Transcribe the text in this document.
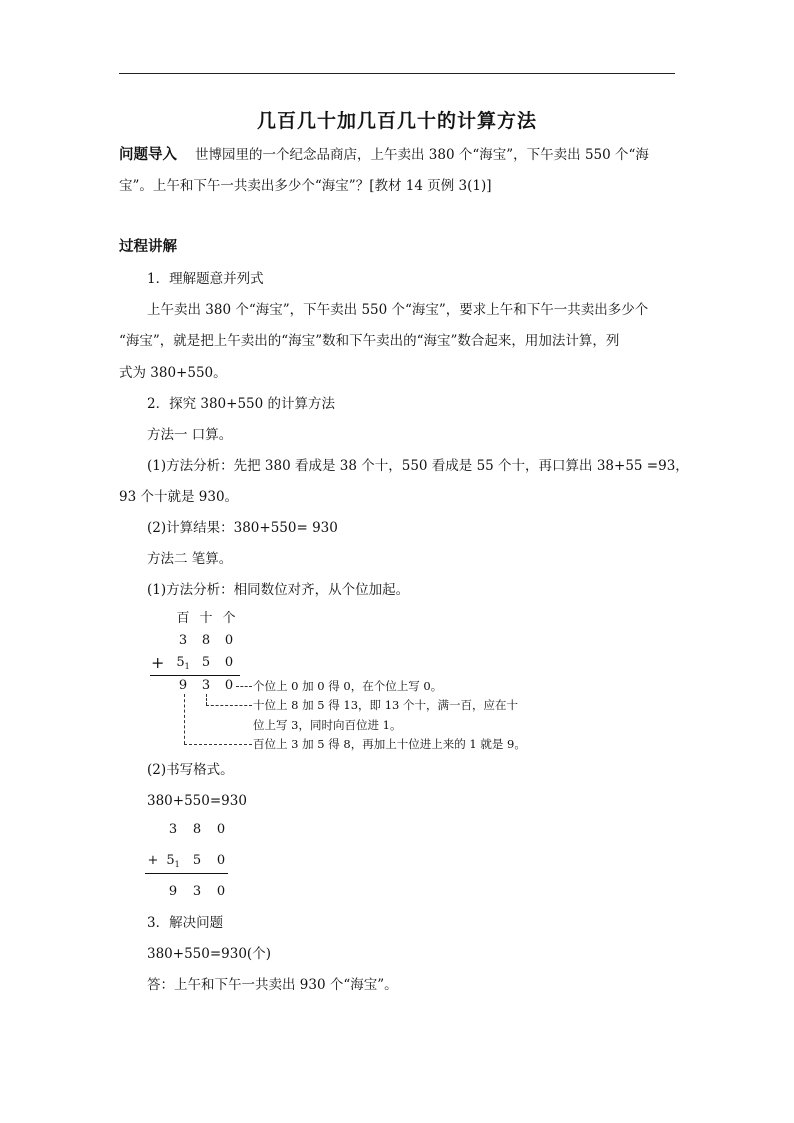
几百几十加几百几十的计算方法
问题导入 世博园里的一个纪念品商店，上午卖出 380 个“海宝”，下午卖出 550 个“海
宝”。上午和下午一共卖出多少个“海宝”？[教材 14 页例 3(1)]
过程讲解
1．理解题意并列式
上午卖出 380 个“海宝”，下午卖出 550 个“海宝”，要求上午和下午一共卖出多少个
“海宝”，就是把上午卖出的“海宝”数和下午卖出的“海宝”数合起来，用加法计算，列
式为 380+550。
2．探究 380+550 的计算方法
方法一 口算。
(1)方法分析：先把 380 看成是 38 个十，550 看成是 55 个十，再口算出 38+55 =93，
93 个十就是 930。
(2)计算结果：380+550= 930
方法二 笔算。
(1)方法分析：相同数位对齐，从个位加起。
百 十 个
3 8 0
+ $5_1$ 5 0
9 3 0	个位上 0 加 0 得 0，在个位上写 0。
十位上 8 加 5 得 13，即 13 个十，满一百，应在十
位上写 3，同时向百位进 1。
百位上 3 加 5 得 8，再加上十位进上来的 1 就是 9。
(2)书写格式。
380+550=930
3 8 0
+ $5_1$ 5 0
9 3 0
3．解决问题
380+550=930(个)
答：上午和下午一共卖出 930 个“海宝”。
